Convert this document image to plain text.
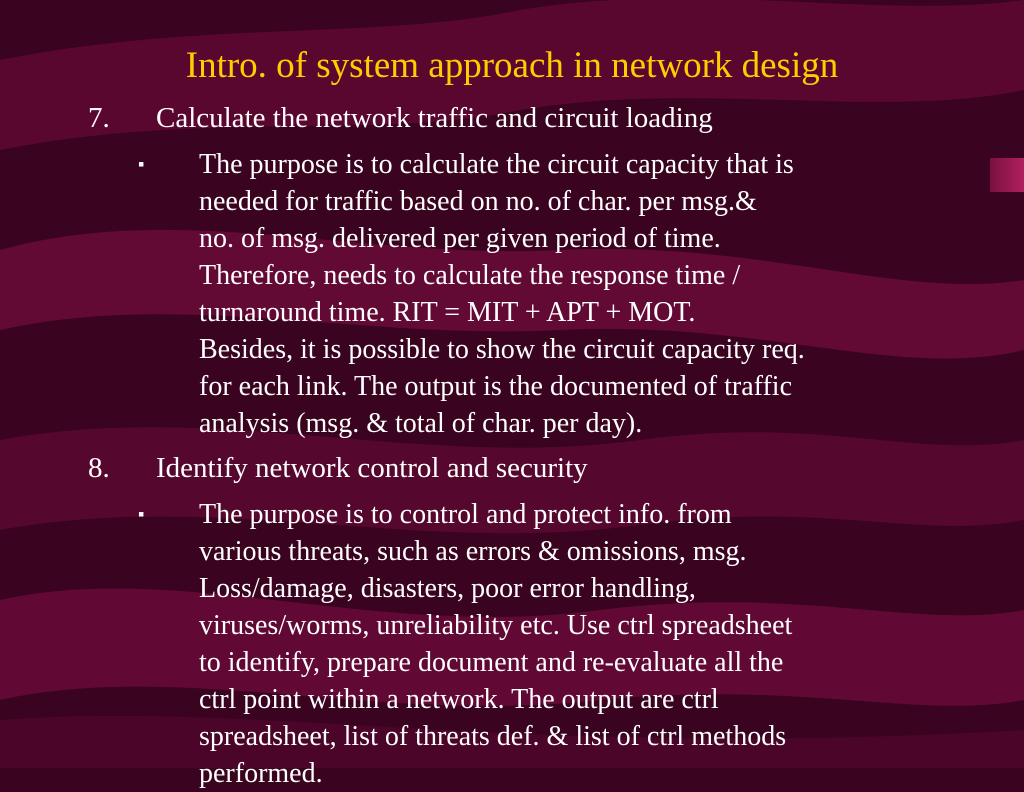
Intro. of system approach in network design
7. Calculate the network traffic and circuit loading
▪ The purpose is to calculate the circuit capacity that is
needed for traffic based on no. of char. per msg.&
no. of msg. delivered per given period of time.
Therefore, needs to calculate the response time /
turnaround time. RIT = MIT + APT + MOT.
Besides, it is possible to show the circuit capacity req.
for each link. The output is the documented of traffic
analysis (msg. & total of char. per day).
8. Identify network control and security
▪ The purpose is to control and protect info. from
various threats, such as errors & omissions, msg.
Loss/damage, disasters, poor error handling,
viruses/worms, unreliability etc. Use ctrl spreadsheet
to identify, prepare document and re-evaluate all the
ctrl point within a network. The output are ctrl
spreadsheet, list of threats def. & list of ctrl methods
performed.
